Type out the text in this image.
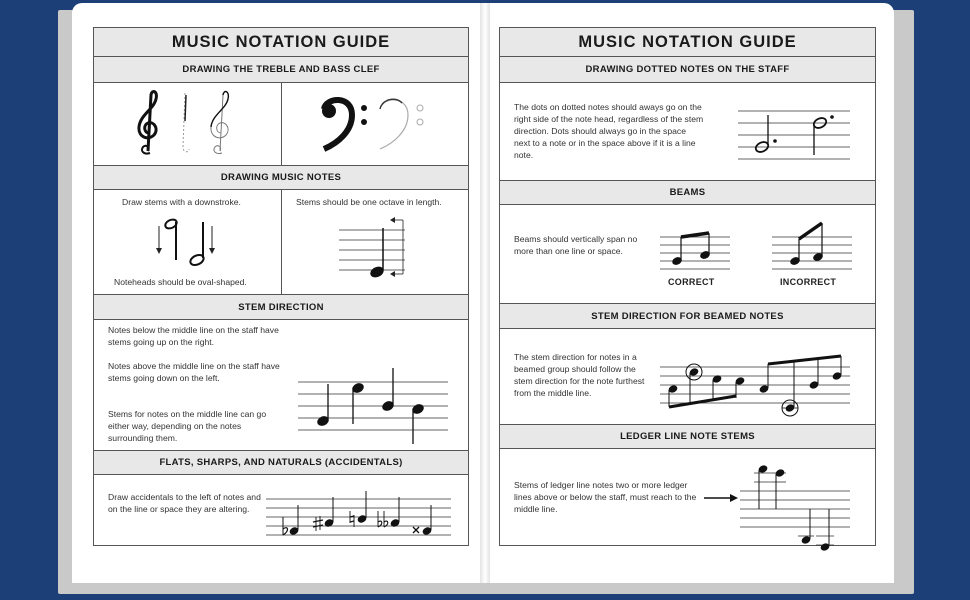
MUSIC NOTATION GUIDE
DRAWING THE TREBLE AND BASS CLEF
DRAWING MUSIC NOTES
Draw stems with a downstroke.
Noteheads should be oval-shaped.
Stems should be one octave in length.
STEM DIRECTION
Notes below the middle line on the staff have stems going up on the right.
Notes above the middle line on the staff have stems going down on the left.
Stems for notes on the middle line can go either way, depending on the notes surrounding them.
FLATS, SHARPS, AND NATURALS (ACCIDENTALS)
Draw accidentals to the left of notes and on the line or space they are altering.
MUSIC NOTATION GUIDE
DRAWING DOTTED NOTES ON THE STAFF
The dots on dotted notes should aways go on the right side of the note head, regardless of the stem direction. Dots should always go in the space next to a note or in the space above if it is a line note.
BEAMS
Beams should vertically span no more than one line or space.
CORRECT	INCORRECT
STEM DIRECTION FOR BEAMED NOTES
The stem direction for notes in a beamed group should follow the stem direction for the note furthest from the middle line.
LEDGER LINE NOTE STEMS
Stems of ledger line notes two or more ledger lines above or below the staff, must reach to the middle line.
